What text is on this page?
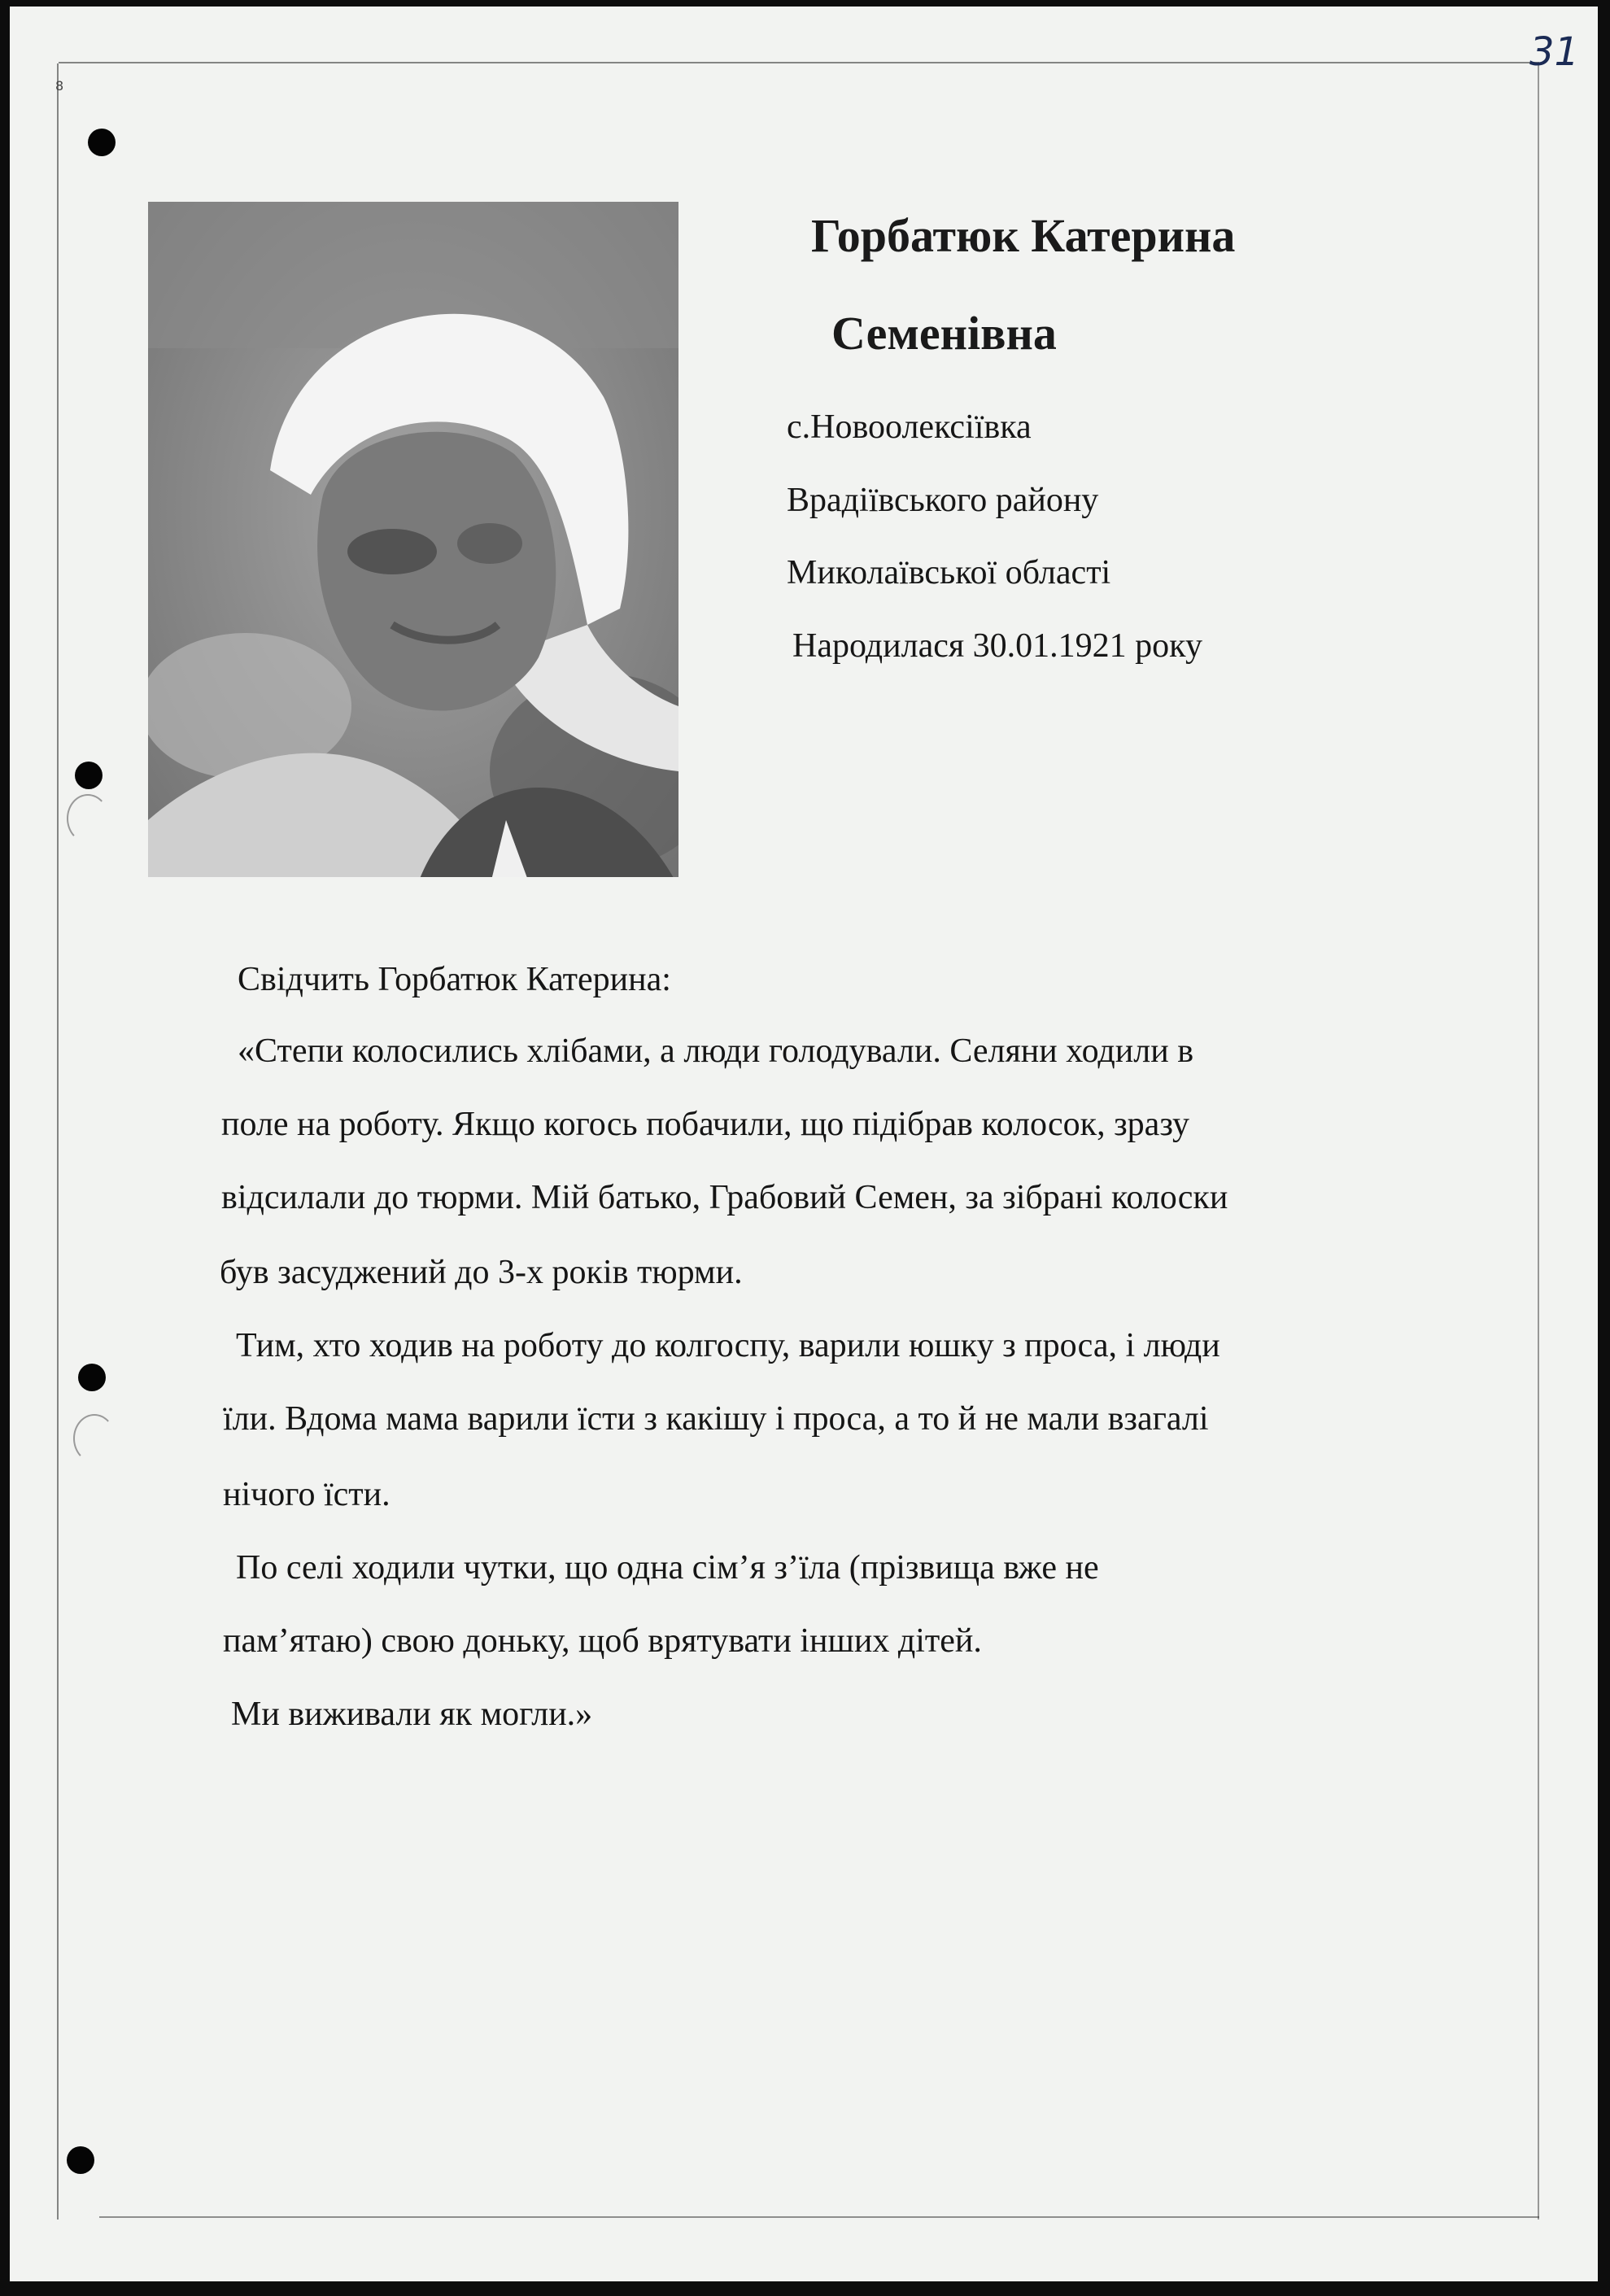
31
8
Горбатюк Катерина
Семенівна
с.Новоолексіївка
Врадіївського району
Миколаївської області
Народилася 30.01.1921 року
Свідчить Горбатюк Катерина:
«Степи колосились хлібами, а люди голодували. Селяни ходили в
поле на роботу. Якщо когось побачили, що підібрав колосок, зразу
відсилали до тюрми. Мій батько, Грабовий Семен, за зібрані колоски
був засуджений до 3-х років тюрми.
Тим, хто ходив на роботу до колгоспу, варили юшку з проса, і люди
їли. Вдома мама варили їсти з какішу і проса, а то й не мали взагалі
нічого їсти.
По селі ходили чутки, що одна сім’я з’їла (прізвища вже не
пам’ятаю) свою доньку, щоб врятувати інших дітей.
Ми виживали як могли.»
